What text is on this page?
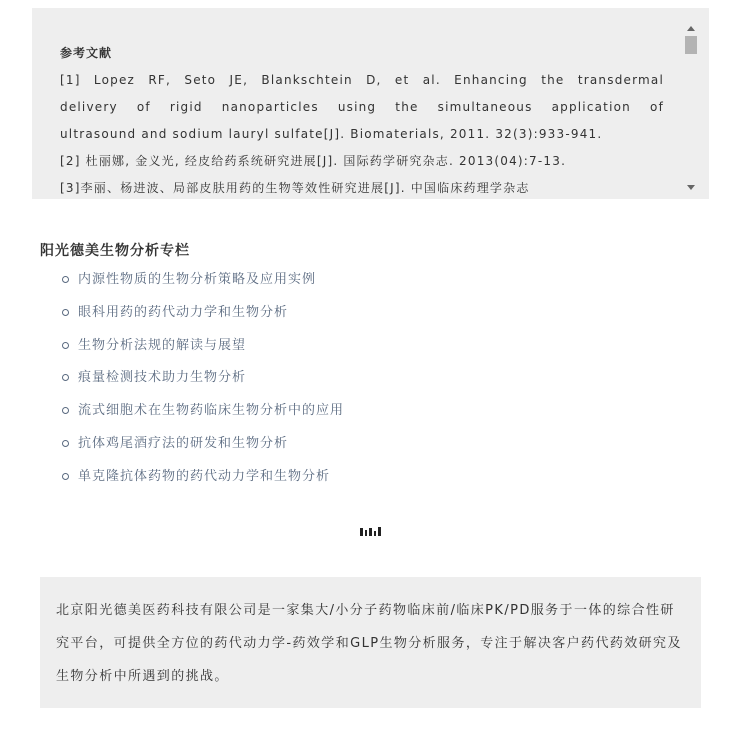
参考文献
[1] Lopez RF, Seto JE, Blankschtein D, et al. Enhancing the transdermal
delivery of rigid nanoparticles using the simultaneous application of
ultrasound and sodium lauryl sulfate[J]. Biomaterials, 2011. 32(3):933-941.
[2] 杜丽娜, 金义光, 经皮给药系统研究进展[J]. 国际药学研究杂志. 2013(04):7-13.
[3]李丽、杨进波、局部皮肤用药的生物等效性研究进展[J]. 中国临床药理学杂志
阳光德美生物分析专栏
内源性物质的生物分析策略及应用实例
眼科用药的药代动力学和生物分析
生物分析法规的解读与展望
痕量检测技术助力生物分析
流式细胞术在生物药临床生物分析中的应用
抗体鸡尾酒疗法的研发和生物分析
单克隆抗体药物的药代动力学和生物分析
北京阳光德美医药科技有限公司是一家集大/小分子药物临床前/临床PK/PD服务于一体的综合性研究平台，可提供全方位的药代动力学-药效学和GLP生物分析服务，专注于解决客户药代药效研究及生物分析中所遇到的挑战。
